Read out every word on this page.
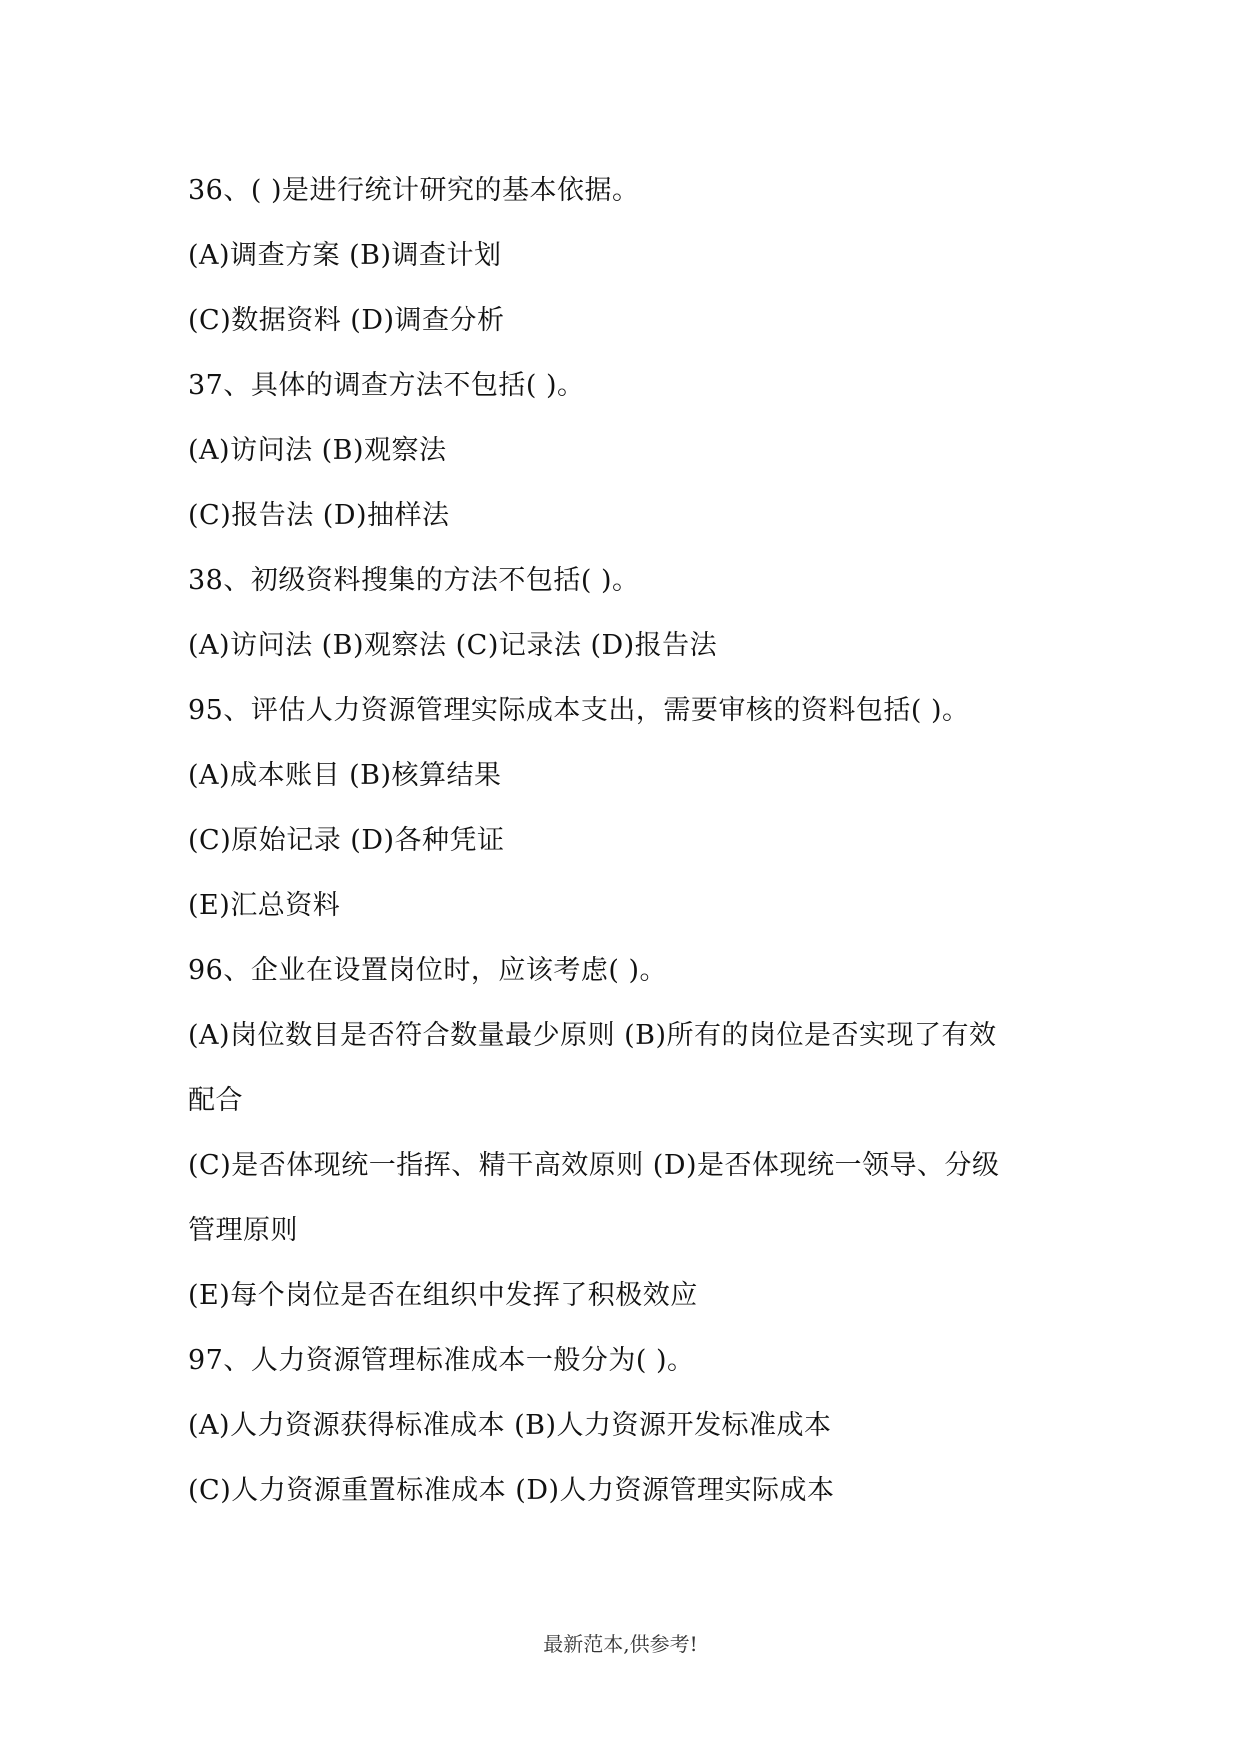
36、( )是进行统计研究的基本依据。
(A)调查方案 (B)调查计划
(C)数据资料 (D)调查分析
37、具体的调查方法不包括( )。
(A)访问法 (B)观察法
(C)报告法 (D)抽样法
38、初级资料搜集的方法不包括( )。
(A)访问法 (B)观察法 (C)记录法 (D)报告法
95、评估人力资源管理实际成本支出，需要审核的资料包括( )。
(A)成本账目 (B)核算结果
(C)原始记录 (D)各种凭证
(E)汇总资料
96、企业在设置岗位时，应该考虑( )。
(A)岗位数目是否符合数量最少原则 (B)所有的岗位是否实现了有效
配合
(C)是否体现统一指挥、精干高效原则 (D)是否体现统一领导、分级
管理原则
(E)每个岗位是否在组织中发挥了积极效应
97、人力资源管理标准成本一般分为( )。
(A)人力资源获得标准成本 (B)人力资源开发标准成本
(C)人力资源重置标准成本 (D)人力资源管理实际成本
最新范本,供参考!
